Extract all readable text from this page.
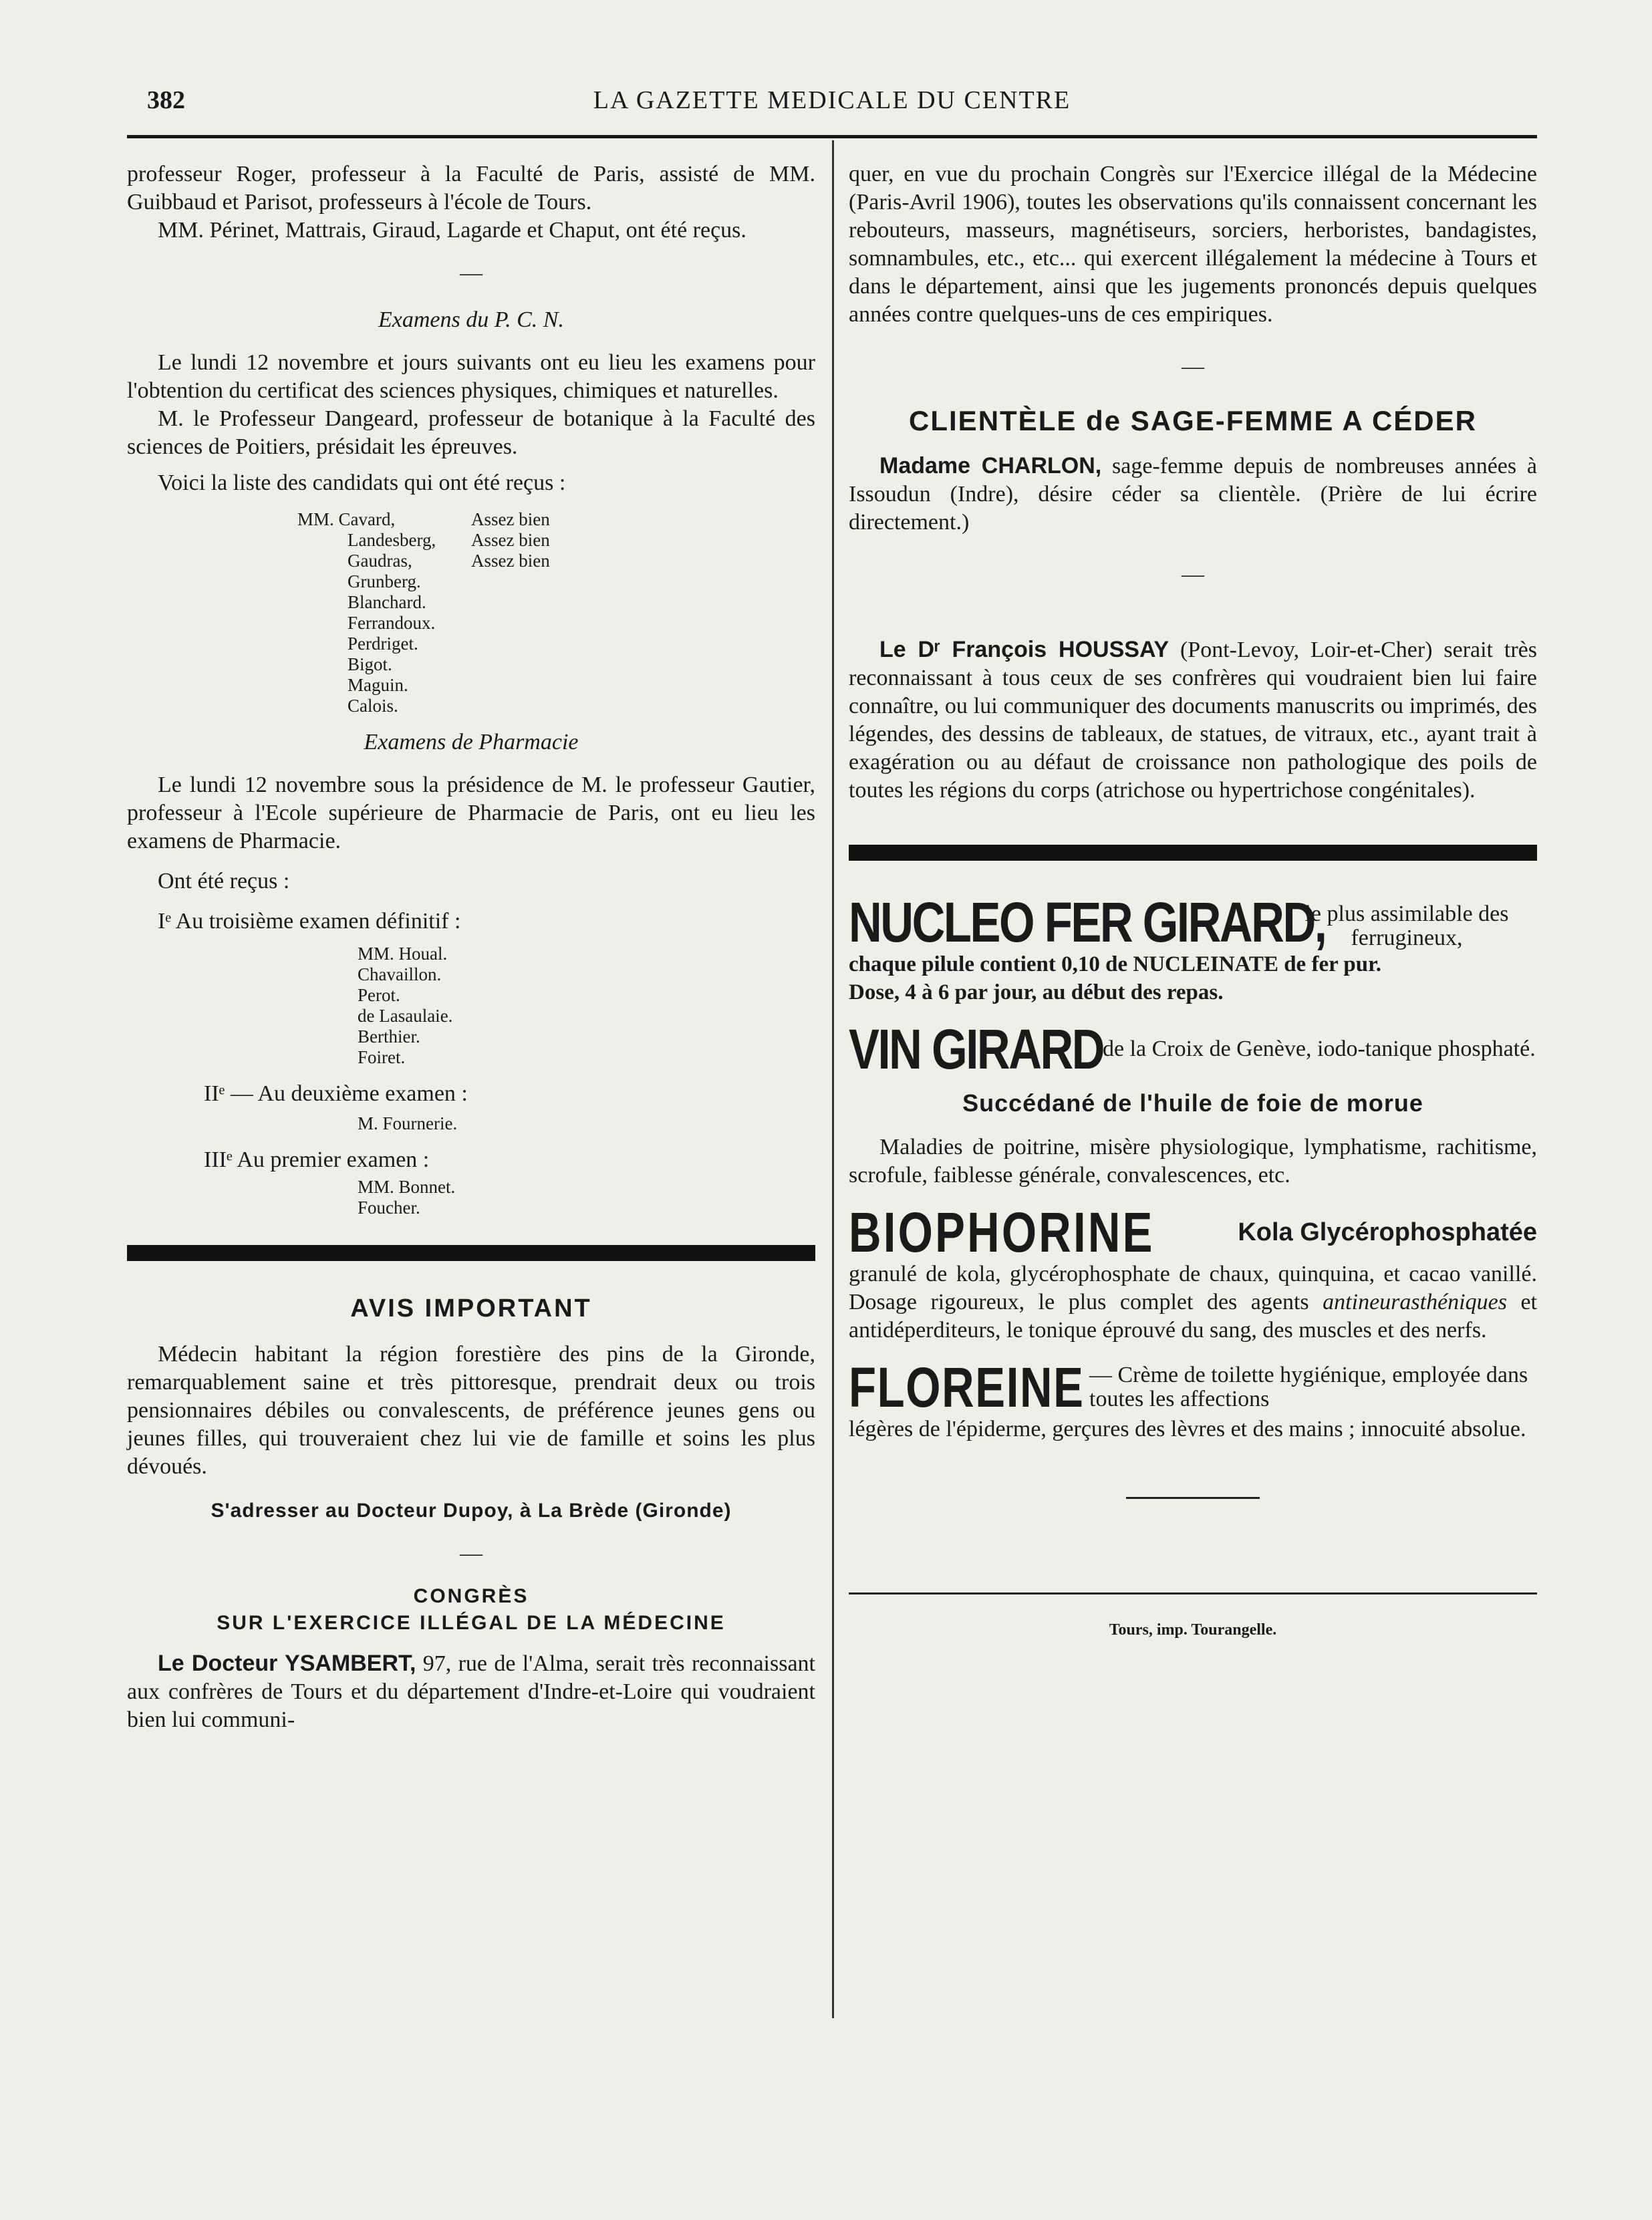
382	LA GAZETTE MEDICALE DU CENTRE

professeur Roger, professeur à la Faculté de Paris, assisté de MM. Guibbaud et Parisot, professeurs à l'école de Tours.

MM. Périnet, Mattrais, Giraud, Lagarde et Chaput, ont été reçus.

—
Examens du P. C. N.

Le lundi 12 novembre et jours suivants ont eu lieu les examens pour l'obtention du certificat des sciences physiques, chimiques et naturelles.

M. le Professeur Dangeard, professeur de botanique à la Faculté des sciences de Poitiers, présidait les épreuves.

Voici la liste des candidats qui ont été reçus :

MM. Cavard,	Assez bien
Landesberg,	Assez bien
Gaudras,	Assez bien
Grunberg.
Blanchard.
Ferrandoux.
Perdriget.
Bigot.
Maguin.
Calois.
Examens de Pharmacie

Le lundi 12 novembre sous la présidence de M. le professeur Gautier, professeur à l'Ecole supérieure de Pharmacie de Paris, ont eu lieu les examens de Pharmacie.

Ont été reçus :

Iᵉ Au troisième examen définitif :

MM. Houal.
Chavaillon.
Perot.
de Lasaulaie.
Berthier.
Foiret.

IIᵉ — Au deuxième examen :

M. Fournerie.

IIIᵉ Au premier examen :

MM. Bonnet.
Foucher.
AVIS IMPORTANT

Médecin habitant la région forestière des pins de la Gironde, remarquablement saine et très pittoresque, prendrait deux ou trois pensionnaires débiles ou convalescents, de préférence jeunes gens ou jeunes filles, qui trouveraient chez lui vie de famille et soins les plus dévoués.

S'adresser au Docteur Dupoy, à La Brède (Gironde)

—
CONGRÈS
SUR L'EXERCICE ILLÉGAL DE LA MÉDECINE

Le Docteur YSAMBERT, 97, rue de l'Alma, serait très reconnaissant aux confrères de Tours et du département d'Indre-et-Loire qui voudraient bien lui communi-

quer, en vue du prochain Congrès sur l'Exercice illégal de la Médecine (Paris-Avril 1906), toutes les observations qu'ils connaissent concernant les rebouteurs, masseurs, magnétiseurs, sorciers, herboristes, bandagistes, somnambules, etc., etc... qui exercent illégalement la médecine à Tours et dans le département, ainsi que les jugements prononcés depuis quelques années contre quelques-uns de ces empiriques.

—
CLIENTÈLE de SAGE-FEMME A CÉDER

Madame CHARLON, sage-femme depuis de nombreuses années à Issoudun (Indre), désire céder sa clientèle. (Prière de lui écrire directement.)

—

Le Dʳ François HOUSSAY (Pont-Levoy, Loir-et-Cher) serait très reconnaissant à tous ceux de ses confrères qui voudraient bien lui faire connaître, ou lui communiquer des documents manuscrits ou imprimés, des légendes, des dessins de tableaux, de statues, de vitraux, etc., ayant trait à exagération ou au défaut de croissance non pathologique des poils de toutes les régions du corps (atrichose ou hypertrichose congénitales).

NUCLEO FER GIRARD,
le plus assimilable des ferrugineux,

chaque pilule contient 0,10 de NUCLEINATE de fer pur.

Dose, 4 à 6 par jour, au début des repas.

VIN GIRARD
de la Croix de Genève, iodo-tanique phosphaté.

Succédané de l'huile de foie de morue

Maladies de poitrine, misère physiologique, lymphatisme, rachitisme, scrofule, faiblesse générale, convalescences, etc.

BIOPHORINE	Kola Glycérophosphatée

granulé de kola, glycérophosphate de chaux, quinquina, et cacao vanillé. Dosage rigoureux, le plus complet des agents antineurasthéniques et antidéperditeurs, le tonique éprouvé du sang, des muscles et des nerfs.

FLOREINE — Crème de toilette hygiénique, employée dans toutes les affections

légères de l'épiderme, gerçures des lèvres et des mains ; innocuité absolue.

Tours, imp. Tourangelle.
